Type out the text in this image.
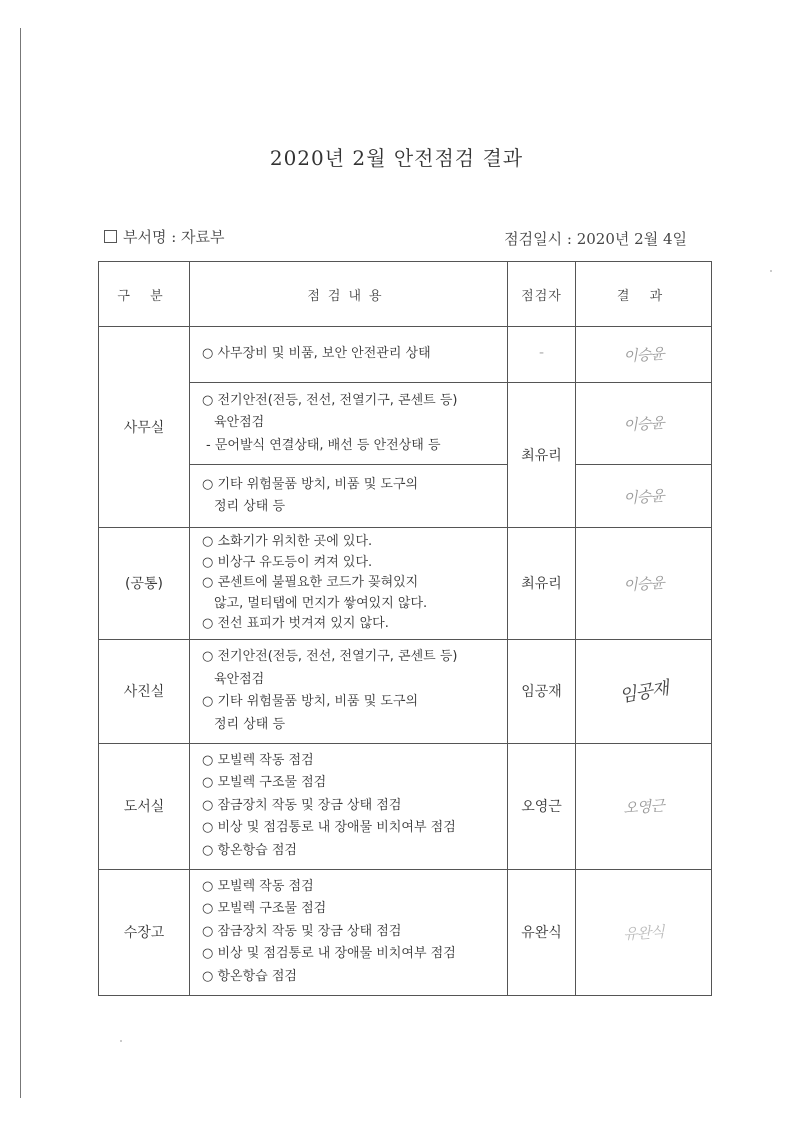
2020년 2월 안전점검 결과
부서명 : 자료부	점검일시 : 2020년 2월 4일
구 분	점검내용	점검자	결 과
사무실	○ 사무장비 및 비품, 보안 안전관리 상태	-	이승윤

	○ 전기안전(전등, 전선, 전열기구, 콘센트 등)
육안점검
- 문어발식 연결상태, 배선 등 안전상태 등	최유리	이승윤

	○ 기타 위험물품 방치, 비품 및 도구의
정리 상태 등		이승윤

(공통)	○ 소화기가 위치한 곳에 있다.
○ 비상구 유도등이 켜져 있다.
○ 콘센트에 불필요한 코드가 꽂혀있지
않고, 멀티탭에 먼지가 쌓여있지 않다.
○ 전선 표피가 벗겨져 있지 않다.	최유리	이승윤

사진실	○ 전기안전(전등, 전선, 전열기구, 콘센트 등)
육안점검
○ 기타 위험물품 방치, 비품 및 도구의
정리 상태 등	임공재	임공재

도서실	○ 모빌렉 작동 점검
○ 모빌렉 구조물 점검
○ 잠금장치 작동 및 장금 상태 점검
○ 비상 및 점검통로 내 장애물 비치여부 점검
○ 항온항습 점검	오영근	오영근

수장고	○ 모빌렉 작동 점검
○ 모빌렉 구조물 점검
○ 잠금장치 작동 및 장금 상태 점검
○ 비상 및 점검통로 내 장애물 비치여부 점검
○ 항온항습 점검	유완식	유완식
